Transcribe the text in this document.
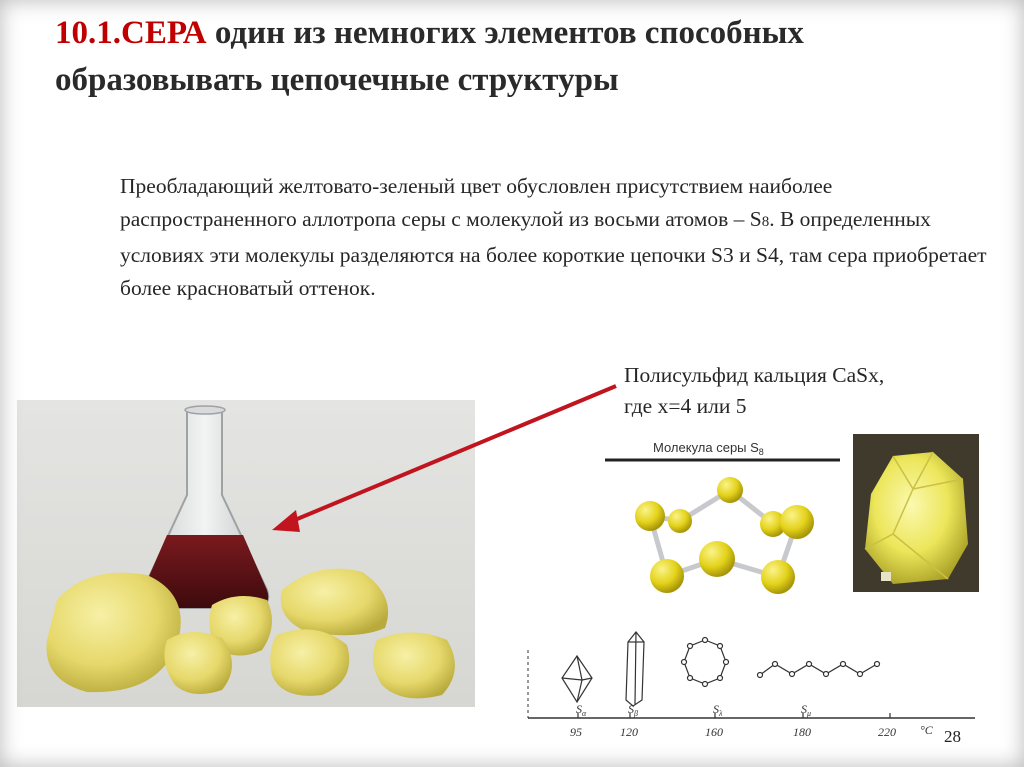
10.1.СЕРА один из немногих элементов способных образовывать цепочечные структуры

Преобладающий желтовато-зеленый цвет обусловлен присутствием наиболее распространенного аллотропа серы с молекулой из восьми атомов – S8. В определенных условиях эти молекулы разделяются на более короткие цепочки S3 и S4, там сера приобретает более красноватый оттенок.

Полисульфид кальция CaSx,
где x=4 или 5
Молекула серы $S_8$
$S_\alpha$	$S_\beta$	$S_\lambda$	$S_\mu$
95	120	160	180	220 °C 28
